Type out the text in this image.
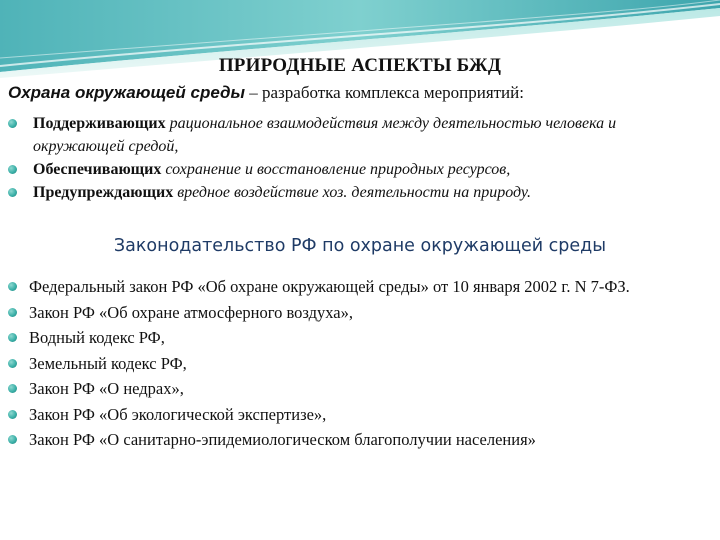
ПРИРОДНЫЕ АСПЕКТЫ БЖД
Охрана окружающей среды – разработка комплекса мероприятий:
Поддерживающих рациональное взаимодействия между деятельностью человека и окружающей средой,
Обеспечивающих сохранение и восстановление природных ресурсов,
Предупреждающих вредное воздействие хоз. деятельности на природу.
Законодательство РФ по охране окружающей среды
Федеральный закон РФ «Об охране окружающей среды» от 10 января 2002 г. N 7-ФЗ.
Закон РФ «Об охране атмосферного воздуха»,
Водный кодекс РФ,
Земельный кодекс РФ,
Закон РФ «О недрах»,
Закон РФ «Об экологической экспертизе»,
Закон РФ «О санитарно-эпидемиологическом благополучии населения»
